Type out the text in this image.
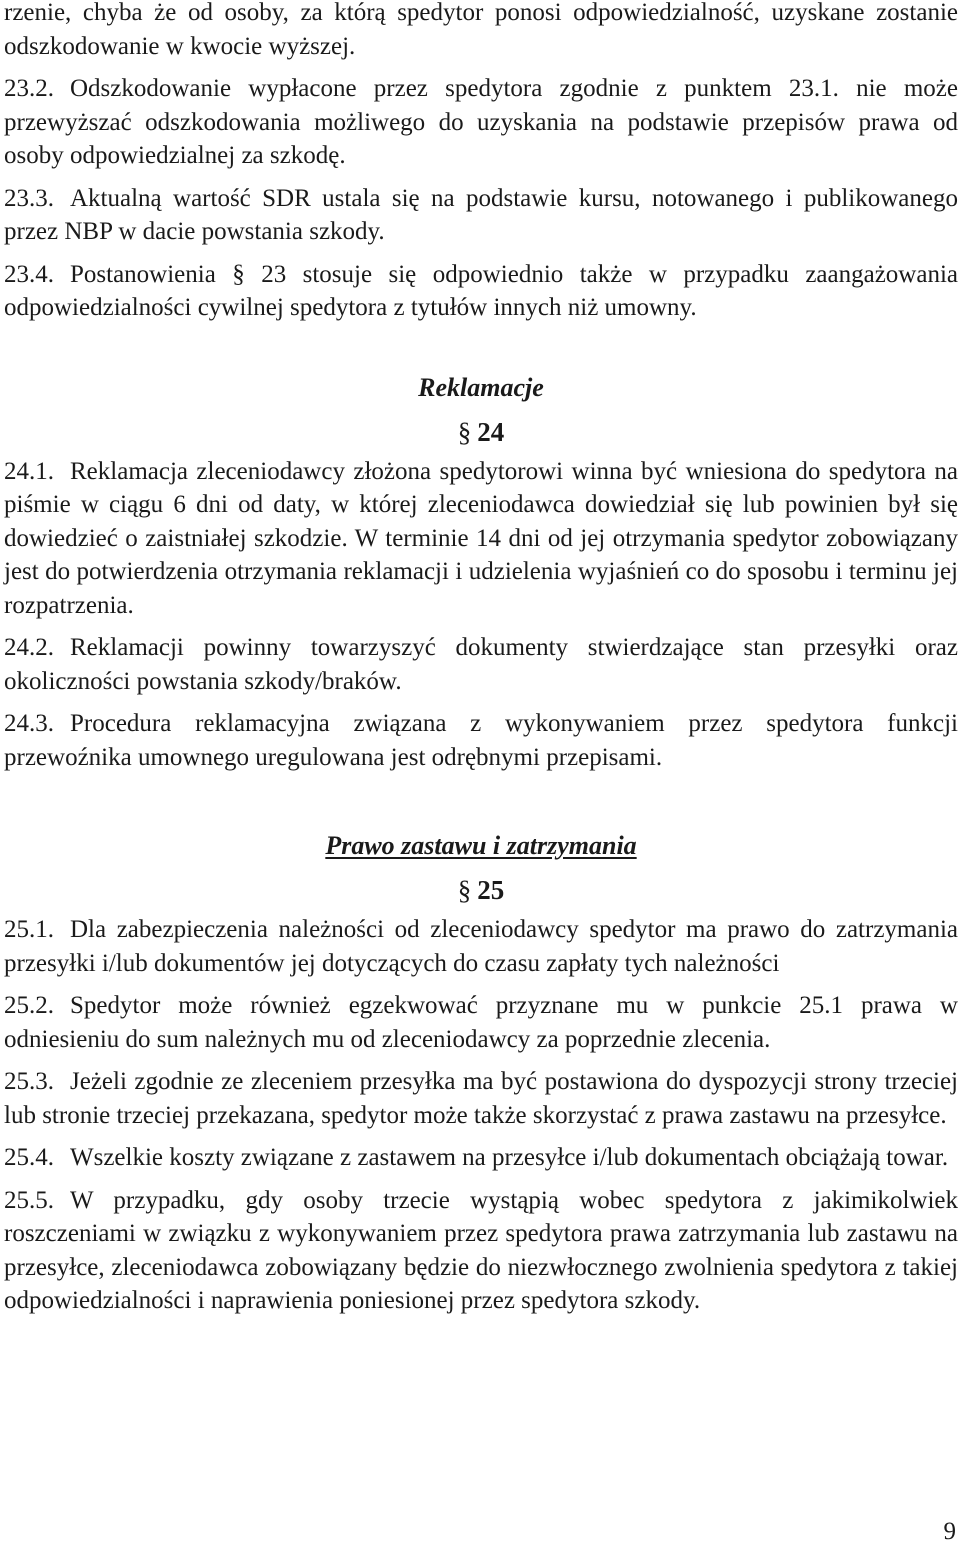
rzenie, chyba że od osoby, za którą spedytor ponosi odpowiedzialność, uzyskane zostanie odszkodowanie w kwocie wyższej.

23.2. Odszkodowanie wypłacone przez spedytora zgodnie z punktem 23.1. nie może przewyższać odszkodowania możliwego do uzyskania na podstawie przepisów prawa od osoby odpowiedzialnej za szkodę.

23.3. Aktualną wartość SDR ustala się na podstawie kursu, notowanego i publikowanego przez NBP w dacie powstania szkody.

23.4. Postanowienia § 23 stosuje się odpowiednio także w przypadku zaangażowania odpowiedzialności cywilnej spedytora z tytułów innych niż umowny.

Reklamacje

§ 24

24.1. Reklamacja zleceniodawcy złożona spedytorowi winna być wniesiona do spedytora na piśmie w ciągu 6 dni od daty, w której zleceniodawca dowiedział się lub powinien był się dowiedzieć o zaistniałej szkodzie. W terminie 14 dni od jej otrzymania spedytor zobowiązany jest do potwierdzenia otrzymania reklamacji i udzielenia wyjaśnień co do sposobu i terminu jej rozpatrzenia.

24.2. Reklamacji powinny towarzyszyć dokumenty stwierdzające stan przesyłki oraz okoliczności powstania szkody/braków.

24.3. Procedura reklamacyjna związana z wykonywaniem przez spedytora funkcji przewoźnika umownego uregulowana jest odrębnymi przepisami.

Prawo zastawu i zatrzymania

§ 25

25.1. Dla zabezpieczenia należności od zleceniodawcy spedytor ma prawo do zatrzymania przesyłki i/lub dokumentów jej dotyczących do czasu zapłaty tych należności

25.2. Spedytor może również egzekwować przyznane mu w punkcie 25.1 prawa w odniesieniu do sum należnych mu od zleceniodawcy za poprzednie zlecenia.

25.3. Jeżeli zgodnie ze zleceniem przesyłka ma być postawiona do dyspozycji strony trzeciej lub stronie trzeciej przekazana, spedytor może także skorzystać z prawa zastawu na przesyłce.

25.4. Wszelkie koszty związane z zastawem na przesyłce i/lub dokumentach obciążają towar.

25.5. W przypadku, gdy osoby trzecie wystąpią wobec spedytora z jakimikolwiek roszczeniami w związku z wykonywaniem przez spedytora prawa zatrzymania lub zastawu na przesyłce, zleceniodawca zobowiązany będzie do niezwłocznego zwolnienia spedytora z takiej odpowiedzialności i naprawienia poniesionej przez spedytora szkody.

9
